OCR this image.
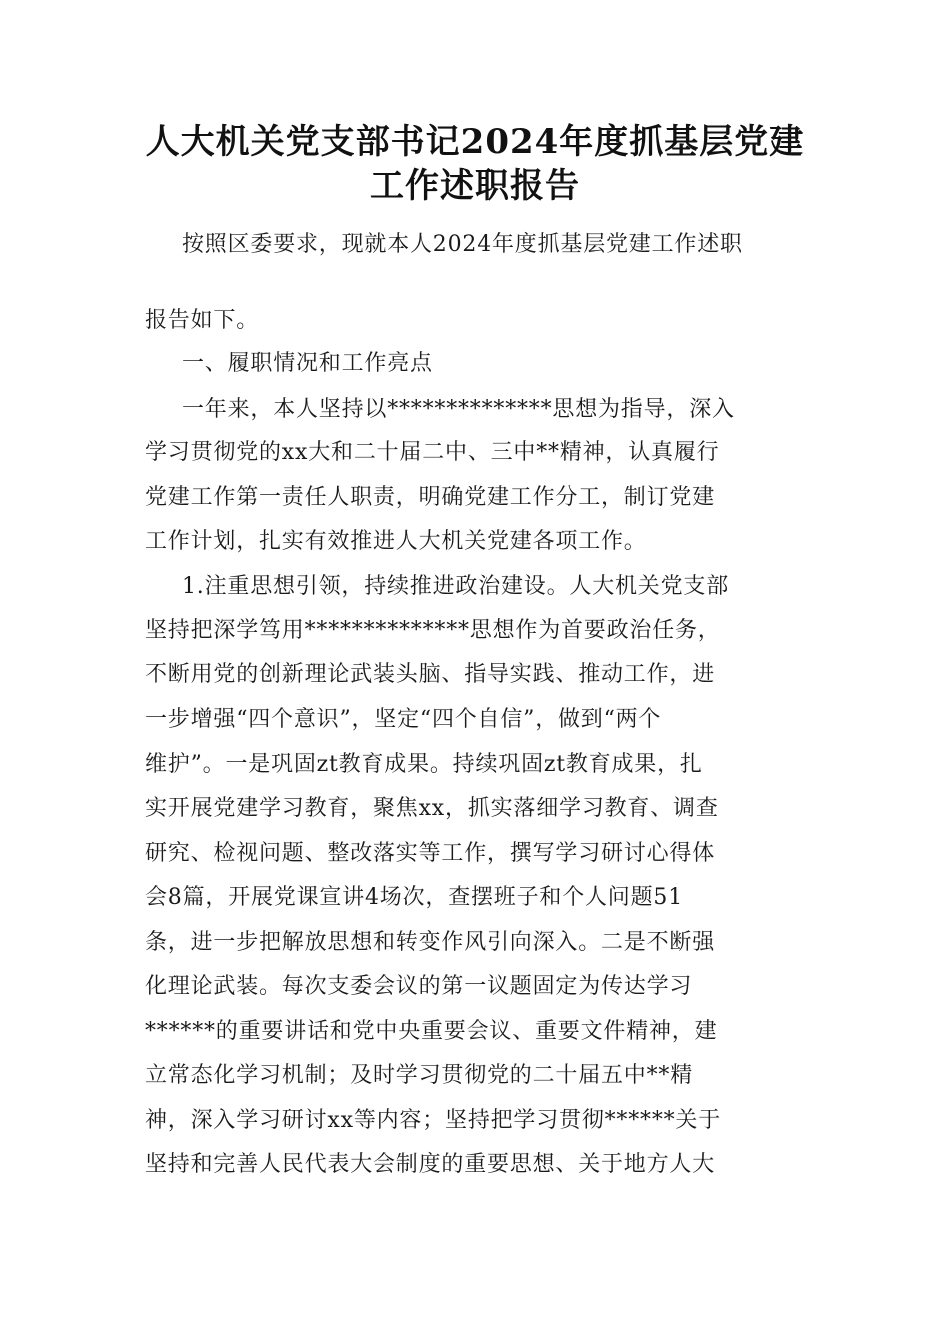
人大机关党支部书记2024年度抓基层党建
工作述职报告
按照区委要求，现就本人2024年度抓基层党建工作述职
报告如下。
一、履职情况和工作亮点
一年来，本人坚持以**************思想为指导，深入
学习贯彻党的xx大和二十届二中、三中**精神，认真履行
党建工作第一责任人职责，明确党建工作分工，制订党建
工作计划，扎实有效推进人大机关党建各项工作。
1.注重思想引领，持续推进政治建设。人大机关党支部
坚持把深学笃用**************思想作为首要政治任务，
不断用党的创新理论武装头脑、指导实践、推动工作，进
一步增强“四个意识”，坚定“四个自信”，做到“两个
维护”。一是巩固zt教育成果。持续巩固zt教育成果，扎
实开展党建学习教育，聚焦xx，抓实落细学习教育、调查
研究、检视问题、整改落实等工作，撰写学习研讨心得体
会8篇，开展党课宣讲4场次，查摆班子和个人问题51
条，进一步把解放思想和转变作风引向深入。二是不断强
化理论武装。每次支委会议的第一议题固定为传达学习
******的重要讲话和党中央重要会议、重要文件精神，建
立常态化学习机制；及时学习贯彻党的二十届五中**精
神，深入学习研讨xx等内容；坚持把学习贯彻******关于
坚持和完善人民代表大会制度的重要思想、关于地方人大
